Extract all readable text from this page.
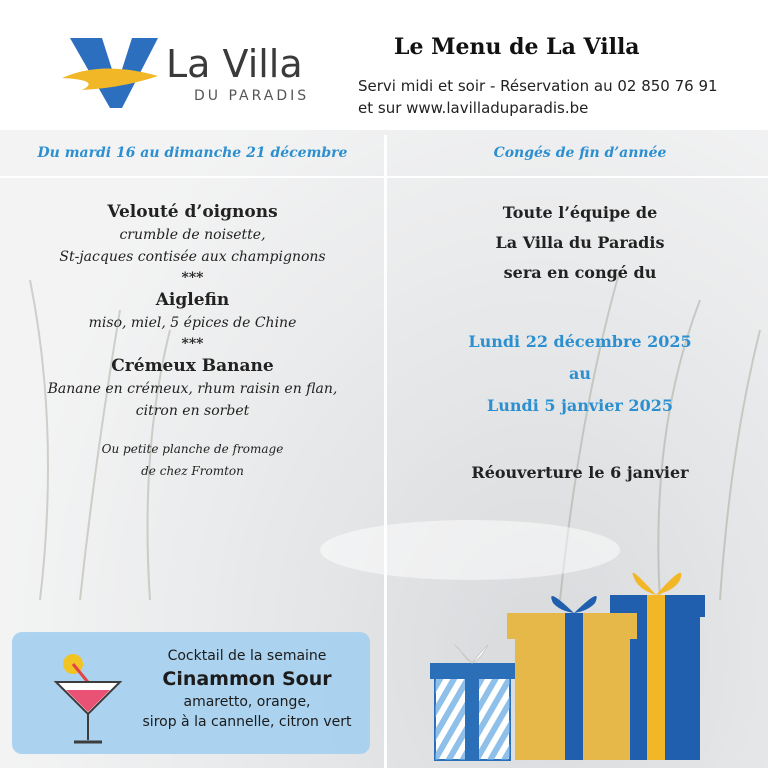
La Villa
DU PARADIS
Le Menu de La Villa
Servi midi et soir - Réservation au 02 850 76 91
et sur www.lavilladuparadis.be
Du mardi 16 au dimanche 21 décembre	Congés de fin d’année
Velouté d’oignons
crumble de noisette,
St-jacques contisée aux champignons
***
Aiglefin
miso, miel, 5 épices de Chine
***
Crémeux Banane
Banane en crémeux, rhum raisin en flan,
citron en sorbet
Ou petite planche de fromage
de chez Fromton
Cocktail de la semaine
Cinammon Sour
amaretto, orange,
sirop à la cannelle, citron vert
Toute l’équipe de
La Villa du Paradis
sera en congé du
Lundi 22 décembre 2025
au
Lundi 5 janvier 2025
Réouverture le 6 janvier
